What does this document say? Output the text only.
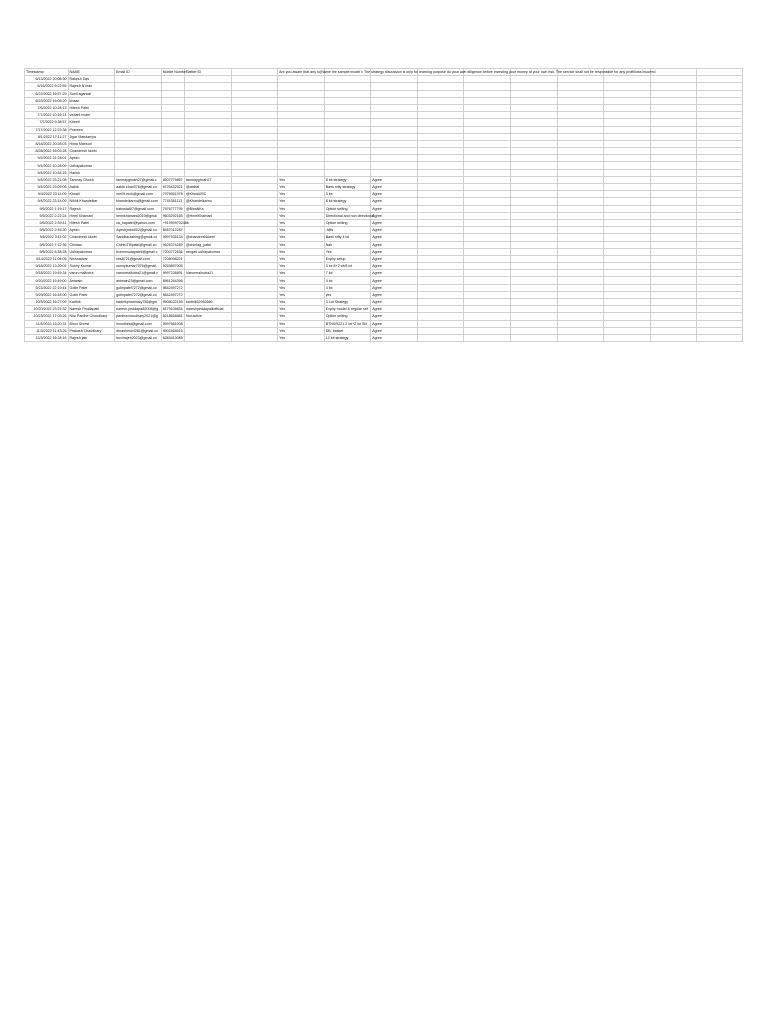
Timestamp	NAME	Email ID	Mobile Number	Twitter ID		Are you aware that any tu(Name the sample model c The strategy discussion is only for learning purpose do your own diligence before investing your money at your own risk. The service shall not be responsible for any profit/loss incurred									
6/13/2022 20:08:30	Rakesh Das														
6/16/2022 6:22:55	Rajesh N Ihan														
6/22/2022 16:57:29	Sunil agarwal														
6/23/2022 16:05:20	khaan														
7/6/2022 10:28:13	Hitesh Patel														
7/7/2022 10:16:14	vedant motel														
7/7/2022 9:38:57	Kheeti														
7/17/2022 12:23:38	Praveen														
8/1/2022 17:11:27	Jigar Mandaniya														
8/18/2022 20:28:03	Hima Maesuri														
8/28/2022 16:03:28	Chandresh kkebi														
9/2/2022 21:28:01	Ayesh														
9/4/2022 10:28:09	Udhayakumar														
9/4/2022 10:54:16	Harish														
9/4/2022 23:21:08	Tanmay Ghosh	tanmayghosh27@gmail.c	8907779867	tanmayghosh27		Yes	8 lot strategy	Agree							
9/4/2022 23:09:06	Aabib	aabib.khan076@gmail.co	9725432521	@abibal		Yes	Bank nifty strategy	Agree							
9/4/2022 23:11:09	Khoali	me09.rock@gmail.com	7976551978	@KhoaliJSC		Yes	3 lot	Agree							
9/4/2022 23:14:09	Nikhil Khandelkar	khandelkarnu@gmail.com	7744381113	@Khandelkarnu		Yes	8 lot strategy	Agree							
9/5/2022 1:19:17	Rajesh	babostat07@gmail.com	7976777795	@BinaNKs		Yes	Option selling	Agree							
9/5/2022 2:22:24	Hemi Khamani	hemikhamani2019@gmai	9603292165	@HemiKhamani		Yes	Directional and non directional	Agree							
9/5/2022 2:39:41	Hitesh Patel	ca_hapatel@yahoo.com	+919909702486			Yes	Option selling	Agree							
9/5/2022 2:45:30	Ayesh	Ayeshjmbo002@gmail.co	8467012287			Yes	-Nifs	Agree							
9/5/2022 3:11:02	Chandresh kkebi	Sandkarashing@gmail.co	9997935134	@chandreshkkebi		Yes	Bank nifty 4 lot	Agree							
9/5/2022 7:12:36	Chintan	ChintuTt9patel@gmail.co	9925374289	@chintag_patel		Yes	Nak	Agree							
9/5/2022 8:38:28	Udhayakumar	bcemmudayabhi@gmail.c	7200772636	rangad udhayakumar		Yes	Yes	Agree							
9/14/2022 11:04:05	Nishnadvar	kbs8721@gmail.com	7208098221			Yes	Expiry setup	Agree							
9/18/2022 13:20:02	Sunny Kumar	sunnykumar7976@gmail.	9263897005			Yes	3 lot 8+2 lot/8 lot	Agree							
9/18/2022 19:49:34	varun malhotra	varunmalhotra21@gmail.c	9997238891	Varunmalhotra21		Yes	7 lot	Agree							
9/20/2022 15:49:00	Antwain	antwain23@gmail.com	8961244396			Yes	4 lot	Agree							
9/22/2022 22:19:44	Gotin Patel	gotinpatel7272@gmail.co	9842497272			Yes	3 lot	Agree							
9/29/2022 16:44:00	Gotin Patel	gotinpatel7272@gmail.co	9842497272			Yes	yes	Agree							
10/3/2022 16:27:09	Karthik	karthikpharmacy786@gm	9908022155	karthik52982666		Yes	3 Lot Strategy	Agree							
10/20/2022 23:21:32	Naresh Peddapalli	naresh.peddapalli2008@g	8179105834	nareshpeddapalliofficial		Yes	Expiry model & regular set	Agree							
10/23/2022 17:03:26	Nitu Pardhe Choudhary	pardhechoudhary2021@g	8218654881	Not active		Yes	Option selling	Agree							
11/4/2022 13:20:31	Binor Shrest	imonthest@gmail.com	9997681008			Yes	BTNS/9221 2 lot+2 lot Shi	Agree							
11/3/2022 11:43:26	Prakash Chaudhary	dbrashesh4281@gmail.co	9902464616			Yes	DB, basket	Agree							
12/3/2022 16:28:16	Rajesh jain	truvilrajeh2023@gmail.co	6283410085			Yes	10 lot strategy	Agree							
